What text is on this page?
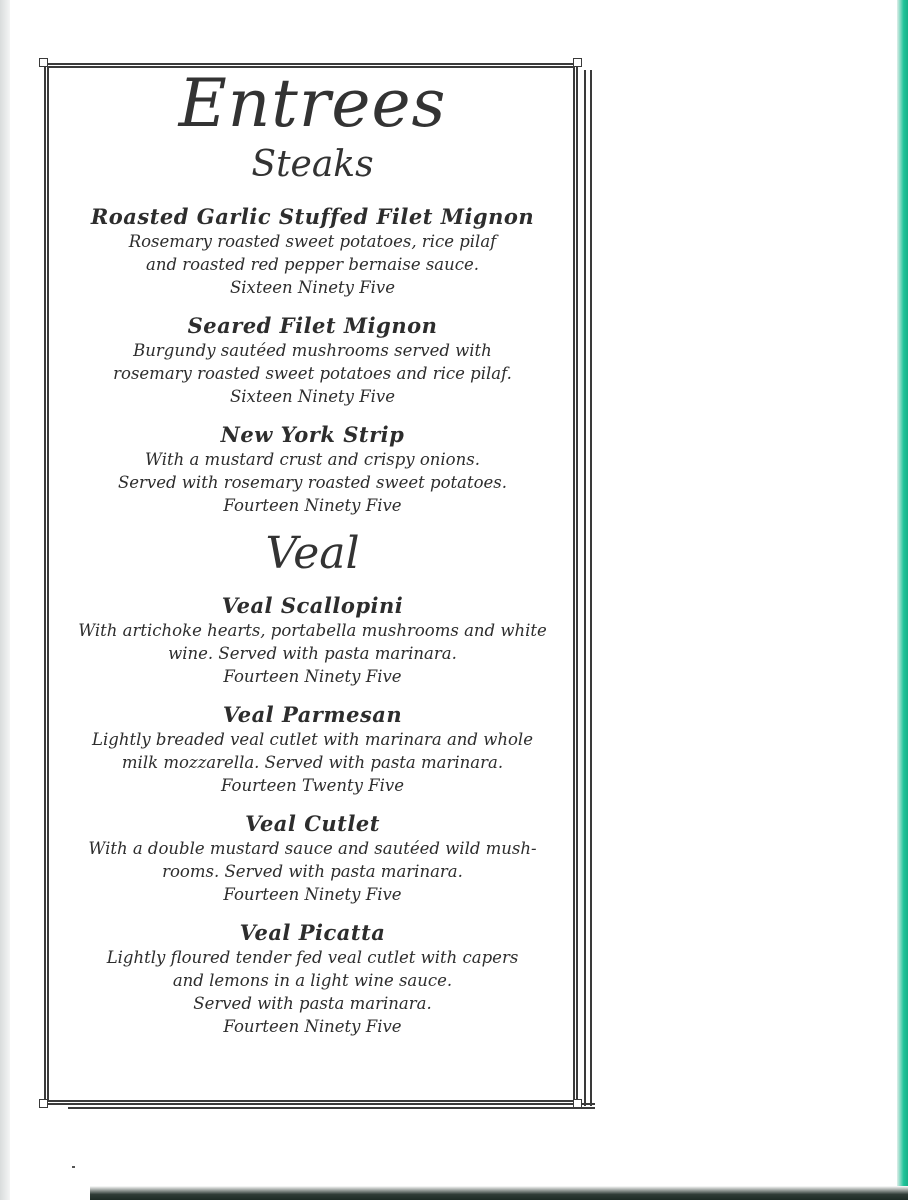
Entrees
Steaks
Roasted Garlic Stuffed Filet Mignon
Rosemary roasted sweet potatoes, rice pilaf
and roasted red pepper bernaise sauce.
Sixteen Ninety Five
Seared Filet Mignon
Burgundy sautéed mushrooms served with
rosemary roasted sweet potatoes and rice pilaf.
Sixteen Ninety Five
New York Strip
With a mustard crust and crispy onions.
Served with rosemary roasted sweet potatoes.
Fourteen Ninety Five
Veal
Veal Scallopini
With artichoke hearts, portabella mushrooms and white
wine. Served with pasta marinara.
Fourteen Ninety Five
Veal Parmesan
Lightly breaded veal cutlet with marinara and whole
milk mozzarella. Served with pasta marinara.
Fourteen Twenty Five
Veal Cutlet
With a double mustard sauce and sautéed wild mush-
rooms. Served with pasta marinara.
Fourteen Ninety Five
Veal Picatta
Lightly floured tender fed veal cutlet with capers
and lemons in a light wine sauce.
Served with pasta marinara.
Fourteen Ninety Five
